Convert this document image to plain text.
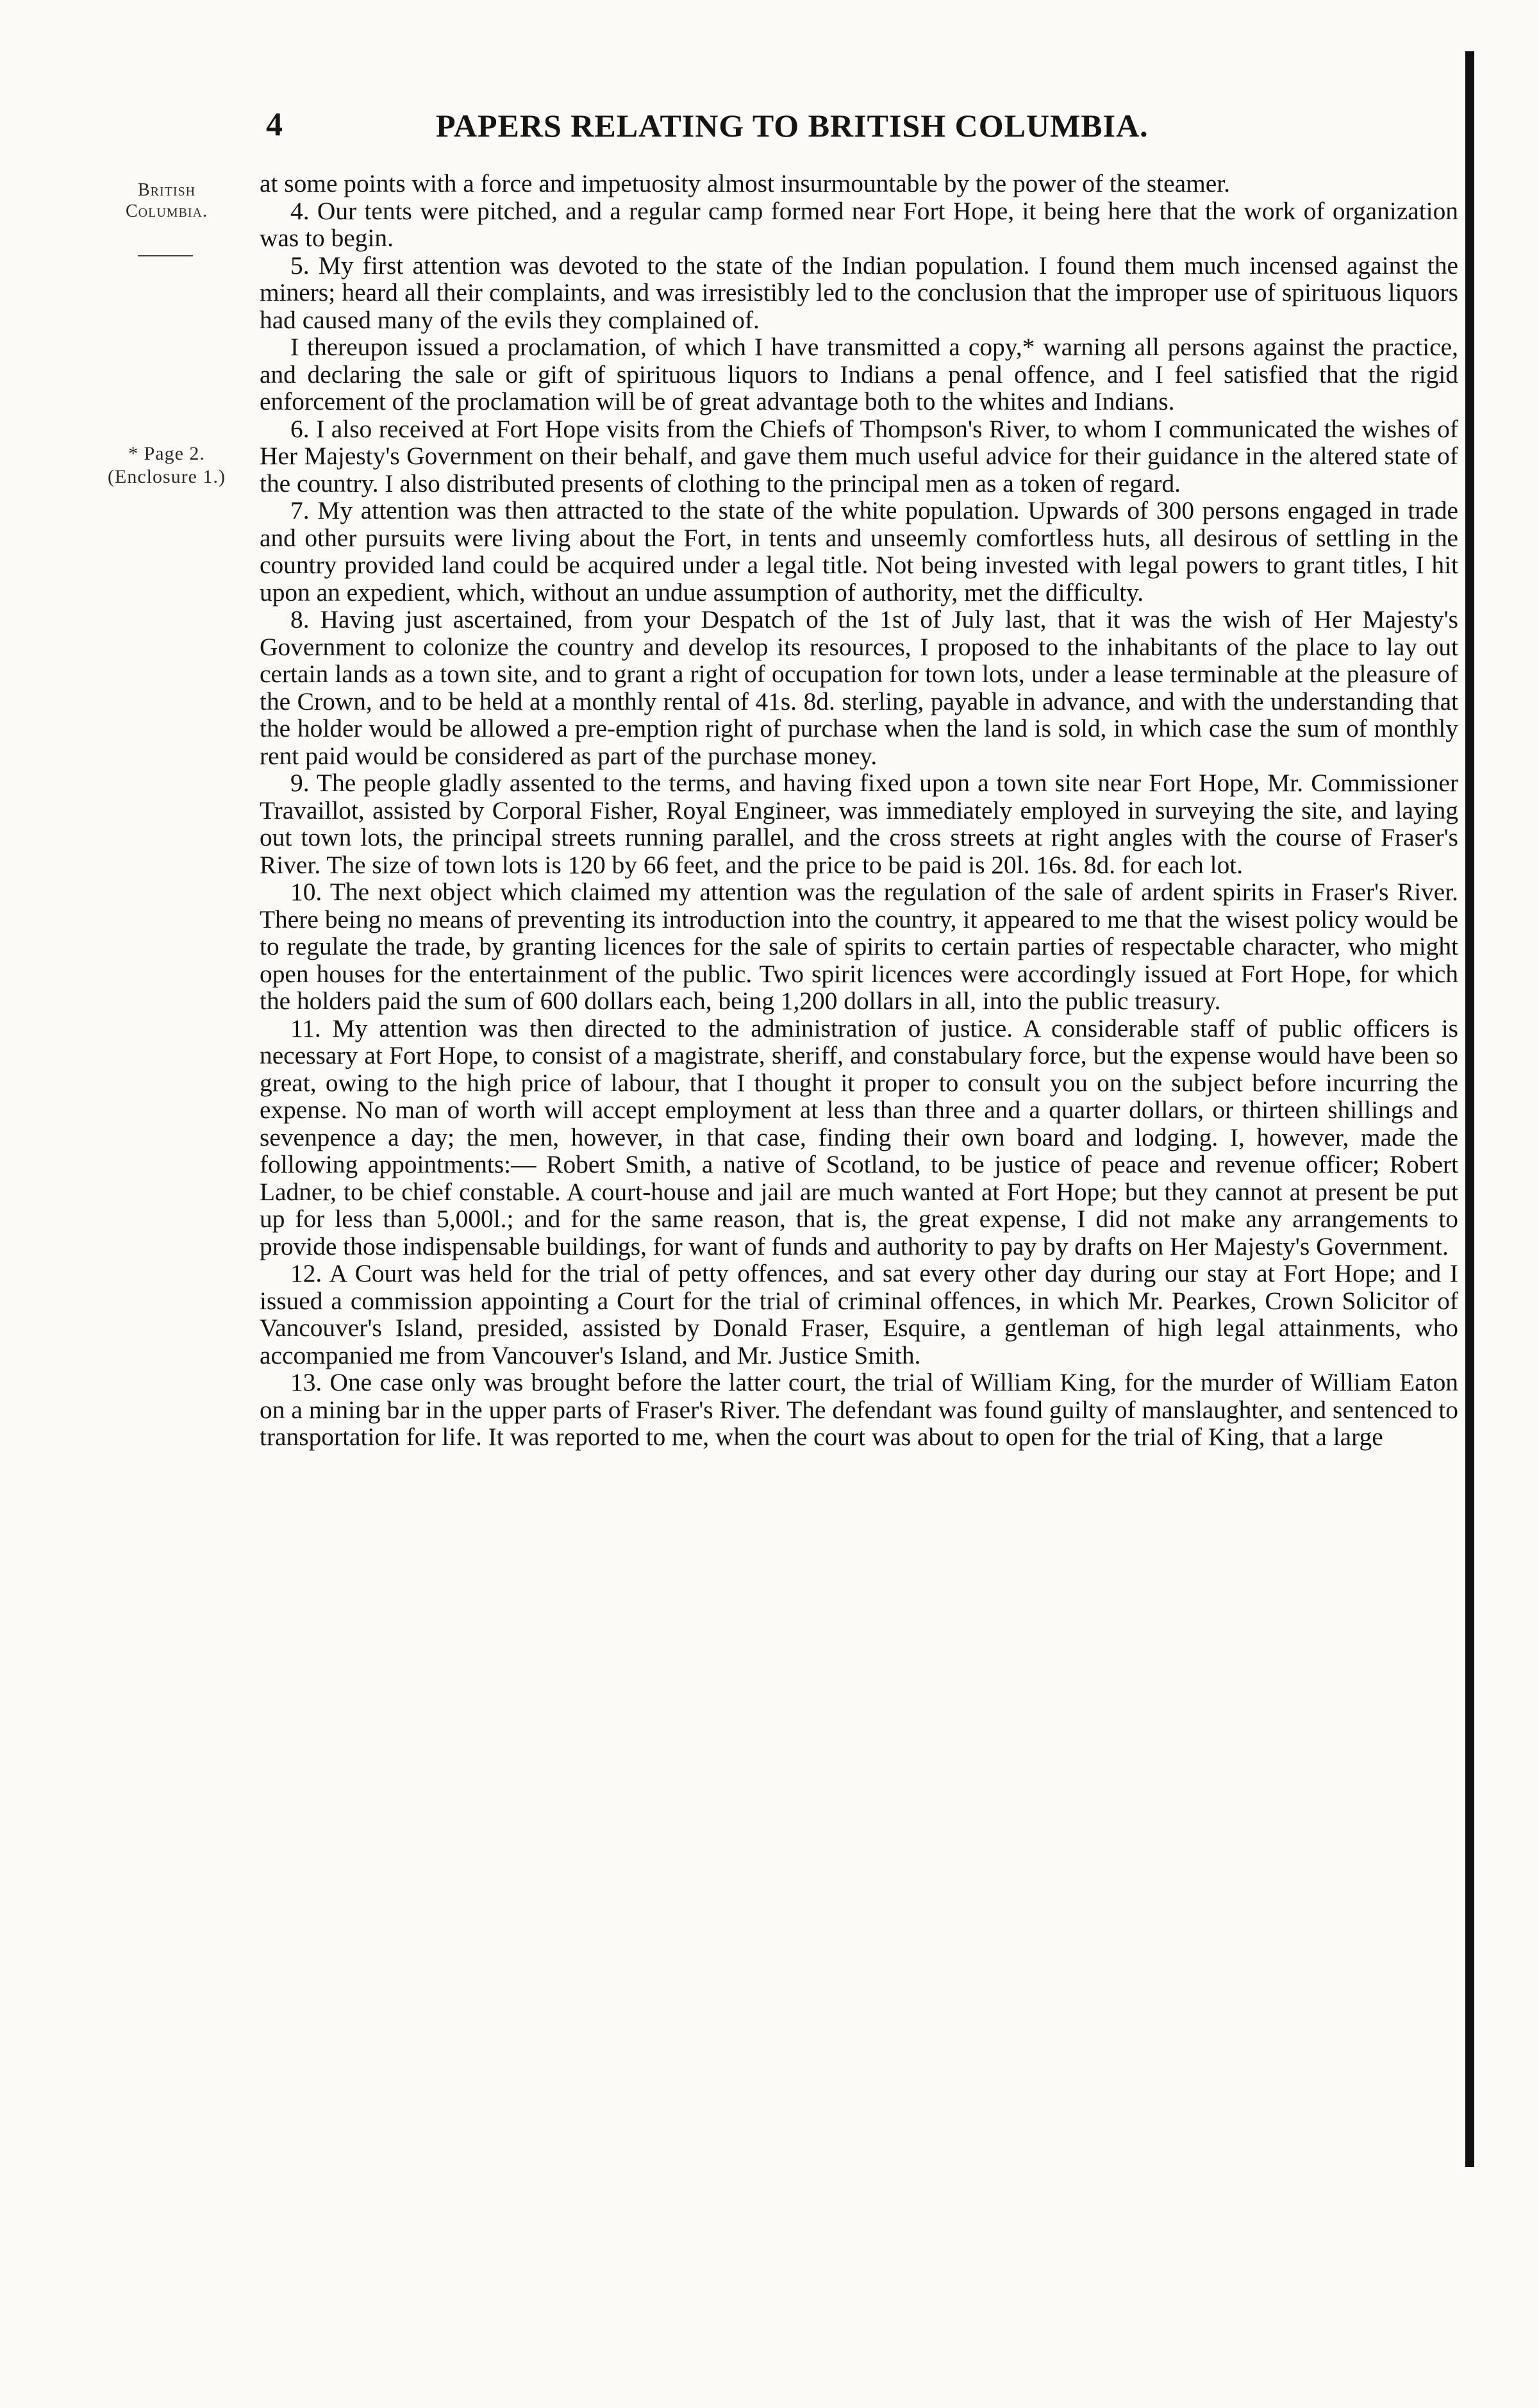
4	PAPERS RELATING TO BRITISH COLUMBIA.
British
Columbia.
* Page 2.
(Enclosure 1.)

at some points with a force and impetuosity almost insurmountable by the power of the steamer.

4. Our tents were pitched, and a regular camp formed near Fort Hope, it being here that the work of organization was to begin.

5. My first attention was devoted to the state of the Indian population. I found them much incensed against the miners; heard all their complaints, and was irresistibly led to the conclusion that the improper use of spirituous liquors had caused many of the evils they complained of.

I thereupon issued a proclamation, of which I have transmitted a copy,* warning all persons against the practice, and declaring the sale or gift of spirituous liquors to Indians a penal offence, and I feel satisfied that the rigid enforcement of the proclamation will be of great advantage both to the whites and Indians.

6. I also received at Fort Hope visits from the Chiefs of Thompson's River, to whom I communicated the wishes of Her Majesty's Government on their behalf, and gave them much useful advice for their guidance in the altered state of the country. I also distributed presents of clothing to the principal men as a token of regard.

7. My attention was then attracted to the state of the white population. Upwards of 300 persons engaged in trade and other pursuits were living about the Fort, in tents and unseemly comfortless huts, all desirous of settling in the country provided land could be acquired under a legal title. Not being invested with legal powers to grant titles, I hit upon an expedient, which, without an undue assumption of authority, met the difficulty.

8. Having just ascertained, from your Despatch of the 1st of July last, that it was the wish of Her Majesty's Government to colonize the country and develop its resources, I proposed to the inhabitants of the place to lay out certain lands as a town site, and to grant a right of occupation for town lots, under a lease terminable at the pleasure of the Crown, and to be held at a monthly rental of 41s. 8d. sterling, payable in advance, and with the understanding that the holder would be allowed a pre-emption right of purchase when the land is sold, in which case the sum of monthly rent paid would be considered as part of the purchase money.

9. The people gladly assented to the terms, and having fixed upon a town site near Fort Hope, Mr. Commissioner Travaillot, assisted by Corporal Fisher, Royal Engineer, was immediately employed in surveying the site, and laying out town lots, the principal streets running parallel, and the cross streets at right angles with the course of Fraser's River. The size of town lots is 120 by 66 feet, and the price to be paid is 20l. 16s. 8d. for each lot.

10. The next object which claimed my attention was the regulation of the sale of ardent spirits in Fraser's River. There being no means of preventing its introduction into the country, it appeared to me that the wisest policy would be to regulate the trade, by granting licences for the sale of spirits to certain parties of respectable character, who might open houses for the entertainment of the public. Two spirit licences were accordingly issued at Fort Hope, for which the holders paid the sum of 600 dollars each, being 1,200 dollars in all, into the public treasury.

11. My attention was then directed to the administration of justice. A considerable staff of public officers is necessary at Fort Hope, to consist of a magistrate, sheriff, and constabulary force, but the expense would have been so great, owing to the high price of labour, that I thought it proper to consult you on the subject before incurring the expense. No man of worth will accept employment at less than three and a quarter dollars, or thirteen shillings and sevenpence a day; the men, however, in that case, finding their own board and lodging. I, however, made the following appointments:— Robert Smith, a native of Scotland, to be justice of peace and revenue officer; Robert Ladner, to be chief constable. A court-house and jail are much wanted at Fort Hope; but they cannot at present be put up for less than 5,000l.; and for the same reason, that is, the great expense, I did not make any arrangements to provide those indispensable buildings, for want of funds and authority to pay by drafts on Her Majesty's Government.

12. A Court was held for the trial of petty offences, and sat every other day during our stay at Fort Hope; and I issued a commission appointing a Court for the trial of criminal offences, in which Mr. Pearkes, Crown Solicitor of Vancouver's Island, presided, assisted by Donald Fraser, Esquire, a gentleman of high legal attainments, who accompanied me from Vancouver's Island, and Mr. Justice Smith.

13. One case only was brought before the latter court, the trial of William King, for the murder of William Eaton on a mining bar in the upper parts of Fraser's River. The defendant was found guilty of manslaughter, and sentenced to transportation for life. It was reported to me, when the court was about to open for the trial of King, that a large
